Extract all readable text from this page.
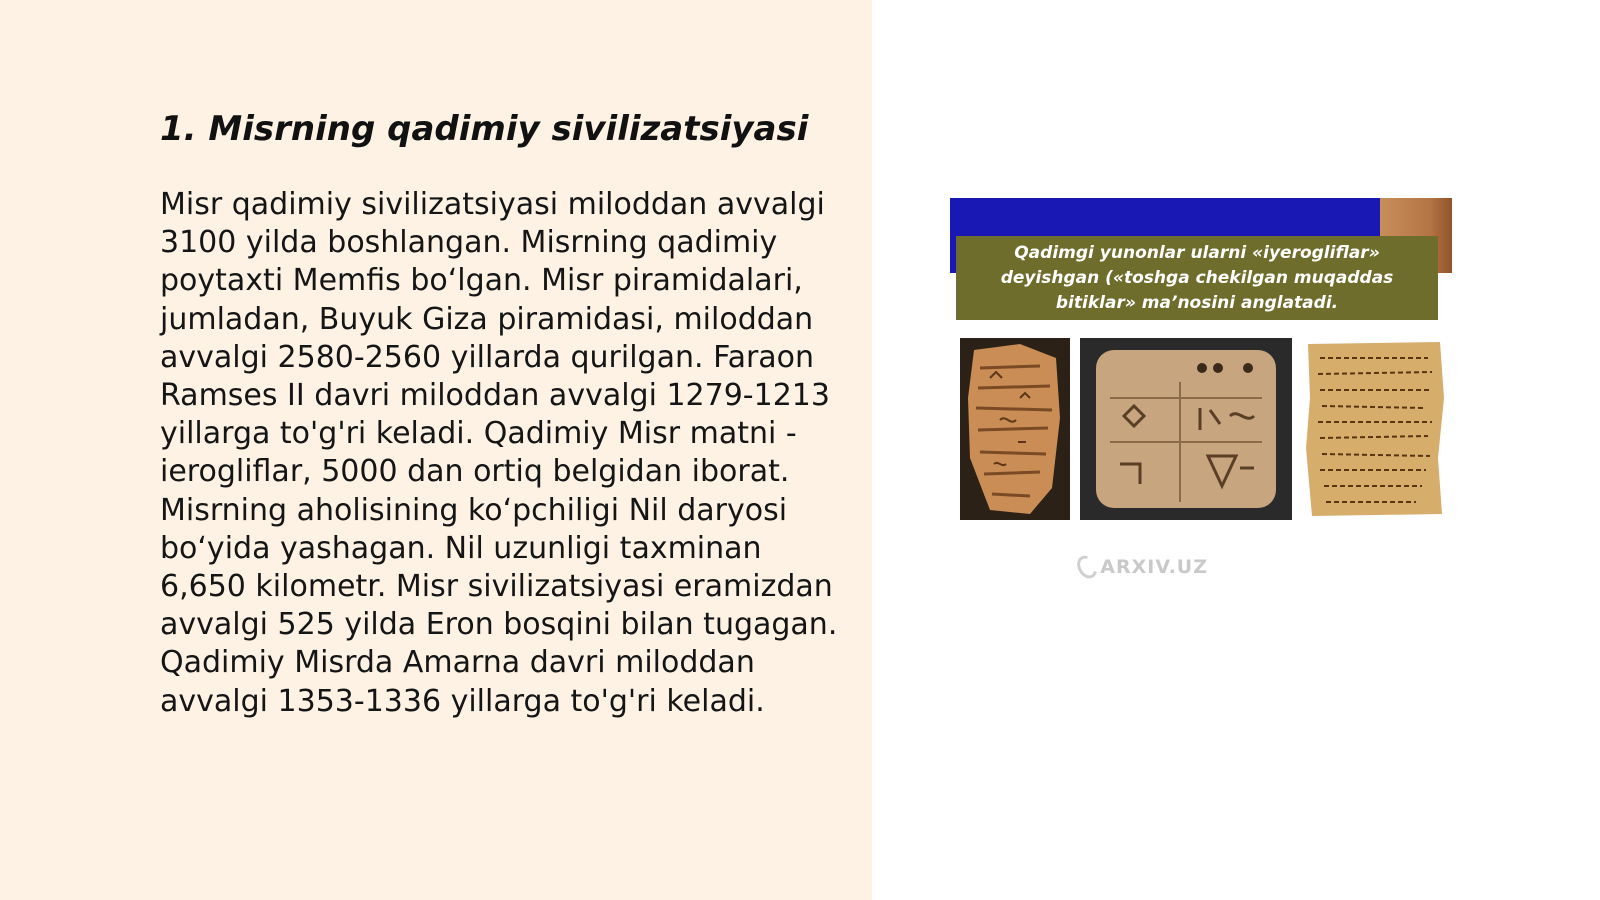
1. Misrning qadimiy sivilizatsiyasi

Misr qadimiy sivilizatsiyasi miloddan avvalgi 3100 yilda boshlangan. Misrning qadimiy poytaxti Memfis bo‘lgan. Misr piramidalari, jumladan, Buyuk Giza piramidasi, miloddan avvalgi 2580-2560 yillarda qurilgan. Faraon Ramses II davri miloddan avvalgi 1279-1213 yillarga to'g'ri keladi. Qadimiy Misr matni - ierogliflar, 5000 dan ortiq belgidan iborat. Misrning aholisining ko‘pchiligi Nil daryosi bo‘yida yashagan. Nil uzunligi taxminan 6,650 kilometr. Misr sivilizatsiyasi eramizdan avvalgi 525 yilda Eron bosqini bilan tugagan. Qadimiy Misrda Amarna davri miloddan avvalgi 1353-1336 yillarga to'g'ri keladi.

Qadimgi yunonlar ularni «iyerogliflar» deyishgan («toshga chekilgan muqaddas bitiklar» ma’nosini anglatadi.

ARXIV.UZ
